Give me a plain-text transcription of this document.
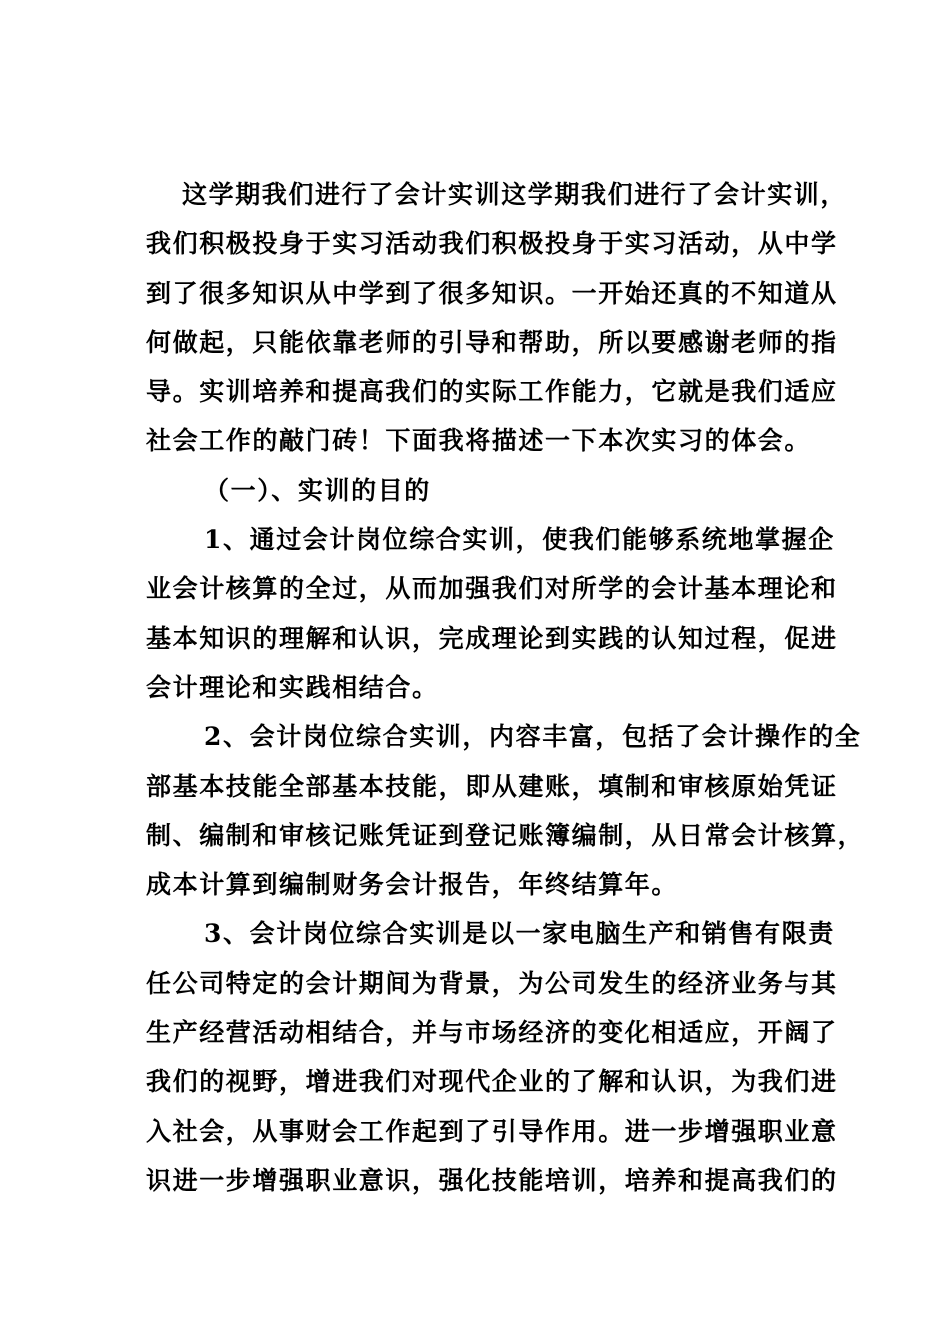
这学期我们进行了会计实训这学期我们进行了会计实训，
我们积极投身于实习活动我们积极投身于实习活动，从中学
到了很多知识从中学到了很多知识。一开始还真的不知道从
何做起，只能依靠老师的引导和帮助，所以要感谢老师的指
导。实训培养和提高我们的实际工作能力，它就是我们适应
社会工作的敲门砖！下面我将描述一下本次实习的体会。
（一）、实训的目的
1、通过会计岗位综合实训，使我们能够系统地掌握企
业会计核算的全过，从而加强我们对所学的会计基本理论和
基本知识的理解和认识，完成理论到实践的认知过程，促进
会计理论和实践相结合。
2、会计岗位综合实训，内容丰富，包括了会计操作的全
部基本技能全部基本技能，即从建账，填制和审核原始凭证
制、编制和审核记账凭证到登记账簿编制，从日常会计核算，
成本计算到编制财务会计报告，年终结算年。
3、会计岗位综合实训是以一家电脑生产和销售有限责
任公司特定的会计期间为背景，为公司发生的经济业务与其
生产经营活动相结合，并与市场经济的变化相适应，开阔了
我们的视野，增进我们对现代企业的了解和认识，为我们进
入社会，从事财会工作起到了引导作用。进一步增强职业意
识进一步增强职业意识，强化技能培训，培养和提高我们的
